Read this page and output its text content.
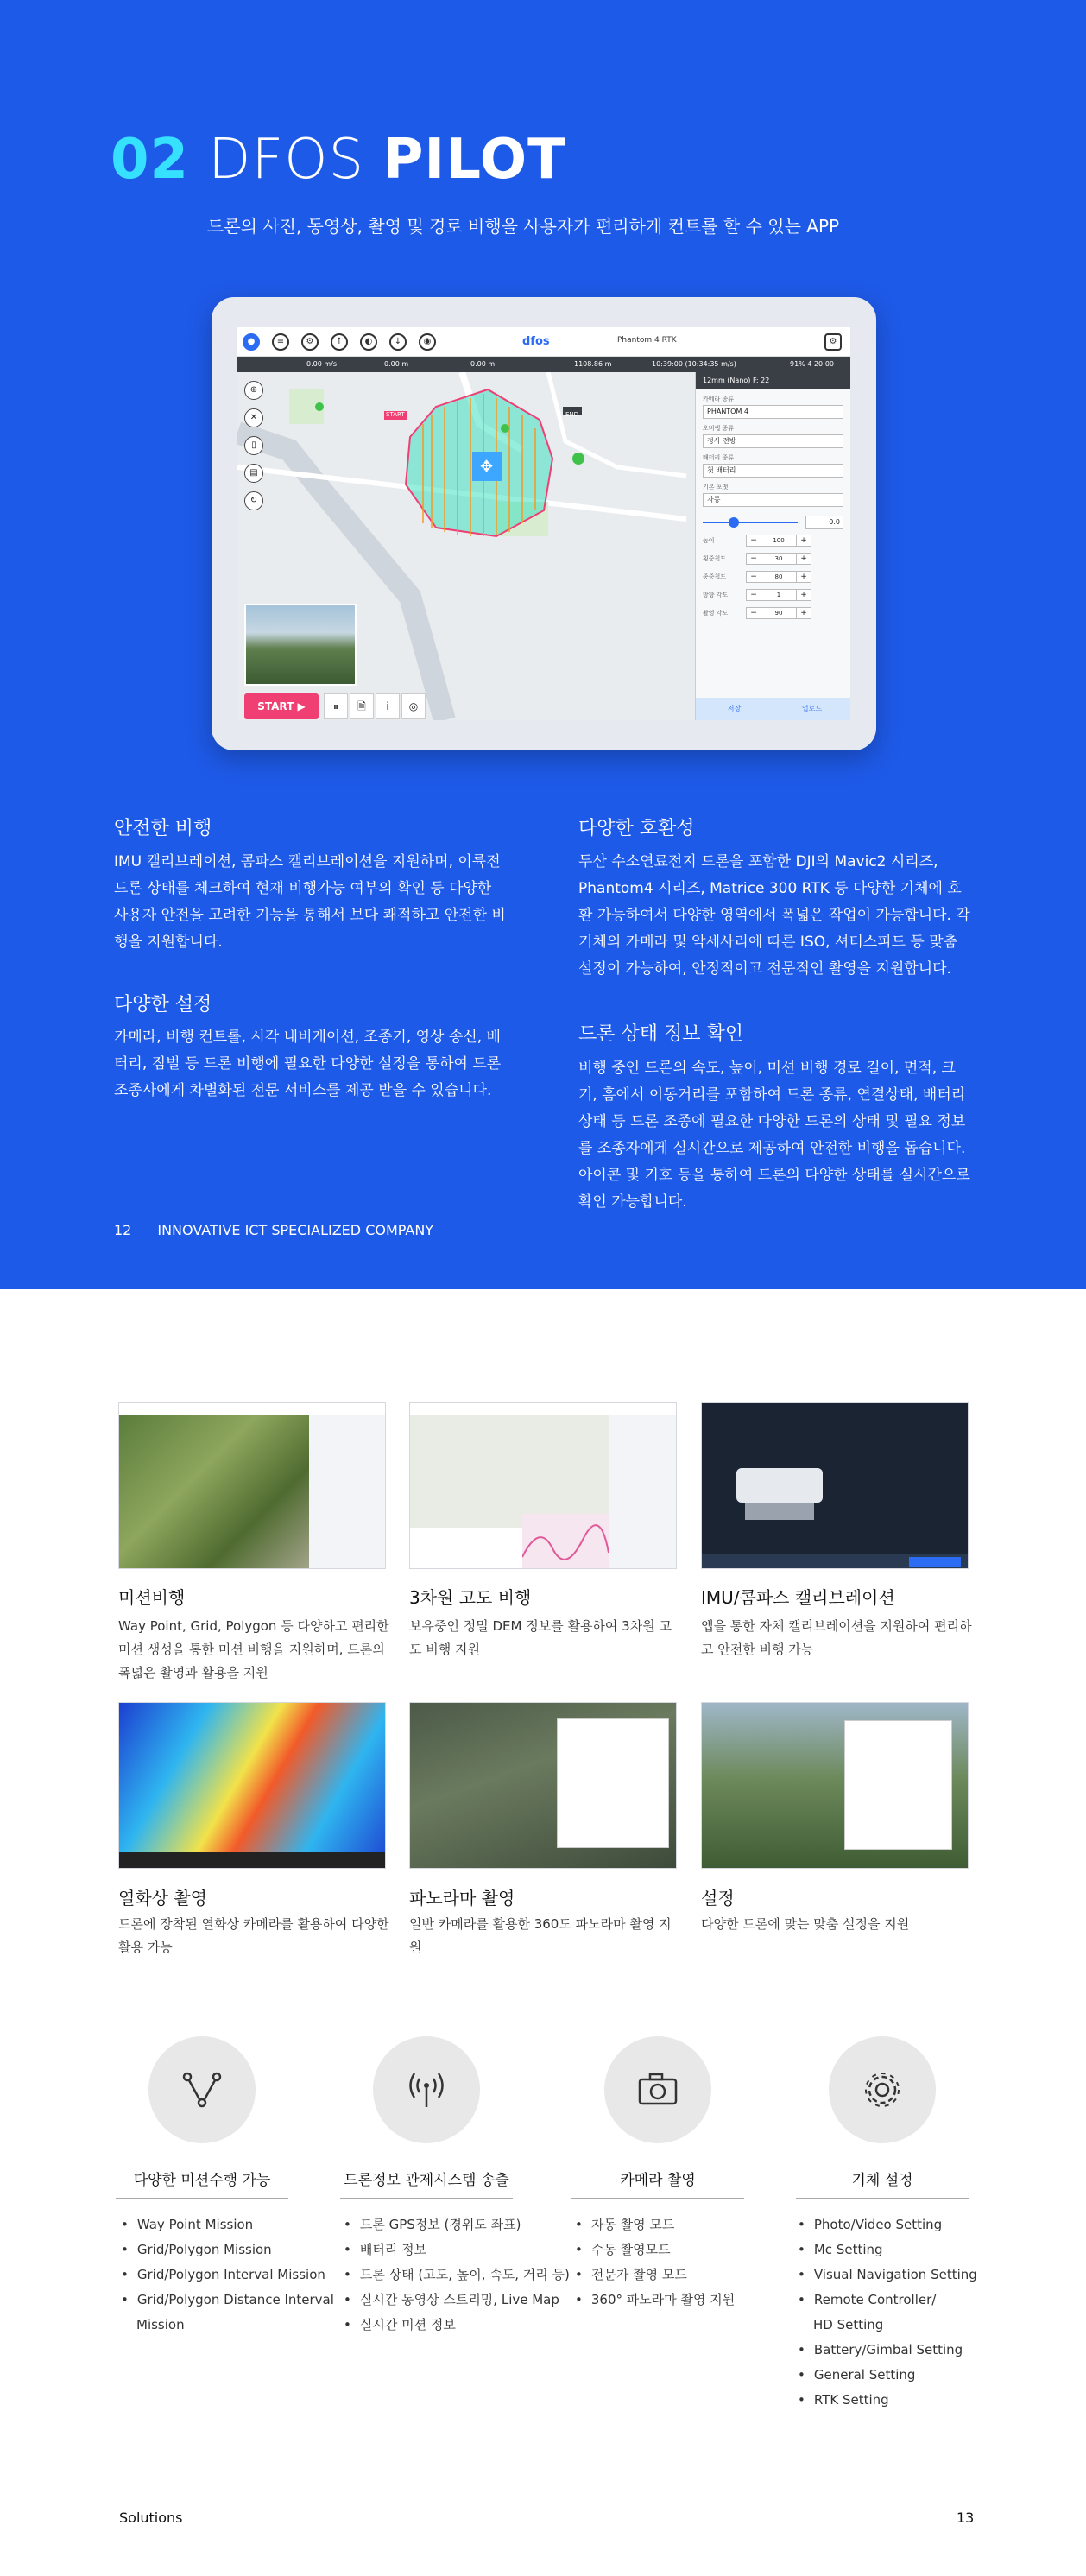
02 DFOS PILOT
드론의 사진, 동영상, 촬영 및 경로 비행을 사용자가 편리하게 컨트롤 할 수 있는 APP
●	≡	⚙	↑	◐	↓	◉	dfos	Phantom 4 RTK	⚙
0.00 m/s	0.00 m	0.00 m	1108.86 m	10:39:00 (10:34:35 m/s)	91% 4 20:00
✥
START	END
⊕
✕
▯
▤
↻
START ▶	⏸	🗎	i	◎
12mm (Nano) F: 22
카메라 종류
PHANTOM 4
오버랩 종류
정사 전방
배터리 종류
첫 배터리
기본 포맷
자동
0.0
높이	−	100	+
횡중첩도	−	30	+
종중첩도	−	80	+
방향 각도	−	1	+
촬영 각도	−	90	+
저장	업로드
안전한 비행
IMU 캘리브레이션, 콤파스 캘리브레이션을 지원하며, 이륙전 드론 상태를 체크하여 현재 비행가능 여부의 확인 등 다양한 사용자 안전을 고려한 기능을 통해서 보다 쾌적하고 안전한 비행을 지원합니다.
다양한 설정
카메라, 비행 컨트롤, 시각 내비게이션, 조종기, 영상 송신, 배터리, 짐벌 등 드론 비행에 필요한 다양한 설정을 통하여 드론 조종사에게 차별화된 전문 서비스를 제공 받을 수 있습니다.
다양한 호환성
두산 수소연료전지 드론을 포함한 DJI의 Mavic2 시리즈, Phantom4 시리즈, Matrice 300 RTK 등 다양한 기체에 호환 가능하여서 다양한 영역에서 폭넓은 작업이 가능합니다. 각 기체의 카메라 및 악세사리에 따른 ISO, 셔터스피드 등 맞춤 설정이 가능하여, 안정적이고 전문적인 촬영을 지원합니다.
드론 상태 정보 확인
비행 중인 드론의 속도, 높이, 미션 비행 경로 길이, 면적, 크기, 홈에서 이동거리를 포함하여 드론 종류, 연결상태, 배터리 상태 등 드론 조종에 필요한 다양한 드론의 상태 및 필요 정보를 조종자에게 실시간으로 제공하여 안전한 비행을 돕습니다. 아이콘 및 기호 등을 통하여 드론의 다양한 상태를 실시간으로 확인 가능합니다.
12 INNOVATIVE ICT SPECIALIZED COMPANY
미션비행
Way Point, Grid, Polygon 등 다양하고 편리한 미션 생성을 통한 미션 비행을 지원하며, 드론의 폭넓은 촬영과 활용을 지원
3차원 고도 비행
보유중인 정밀 DEM 정보를 활용하여 3차원 고도 비행 지원
IMU/콤파스 캘리브레이션
앱을 통한 자체 캘리브레이션을 지원하여 편리하고 안전한 비행 가능
열화상 촬영
드론에 장착된 열화상 카메라를 활용하여 다양한 활용 가능
파노라마 촬영
일반 카메라를 활용한 360도 파노라마 촬영 지원
설정
다양한 드론에 맞는 맞춤 설정을 지원
다양한 미션수행 가능	드론정보 관제시스템 송출	카메라 촬영	기체 설정
• Way Point Mission
• Grid/Polygon Mission
• Grid/Polygon Interval Mission
• Grid/Polygon Distance Interval
Mission
• 드론 GPS정보 (경위도 좌표)
• 배터리 정보
• 드론 상태 (고도, 높이, 속도, 거리 등)
• 실시간 동영상 스트리밍, Live Map
• 실시간 미션 정보
• 자동 촬영 모드
• 수동 촬영모드
• 전문가 촬영 모드
• 360° 파노라마 촬영 지원
• Photo/Video Setting
• Mc Setting
• Visual Navigation Setting
• Remote Controller/
HD Setting
• Battery/Gimbal Setting
• General Setting
• RTK Setting
Solutions	13
